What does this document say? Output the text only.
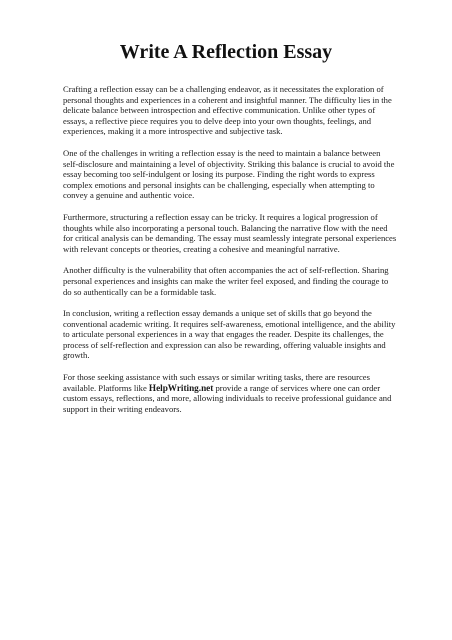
Write A Reflection Essay

Crafting a reflection essay can be a challenging endeavor, as it necessitates the exploration of personal thoughts and experiences in a coherent and insightful manner. The difficulty lies in the delicate balance between introspection and effective communication. Unlike other types of essays, a reflective piece requires you to delve deep into your own thoughts, feelings, and experiences, making it a more introspective and subjective task.

One of the challenges in writing a reflection essay is the need to maintain a balance between self-disclosure and maintaining a level of objectivity. Striking this balance is crucial to avoid the essay becoming too self-indulgent or losing its purpose. Finding the right words to express complex emotions and personal insights can be challenging, especially when attempting to convey a genuine and authentic voice.

Furthermore, structuring a reflection essay can be tricky. It requires a logical progression of thoughts while also incorporating a personal touch. Balancing the narrative flow with the need for critical analysis can be demanding. The essay must seamlessly integrate personal experiences with relevant concepts or theories, creating a cohesive and meaningful narrative.

Another difficulty is the vulnerability that often accompanies the act of self-reflection. Sharing personal experiences and insights can make the writer feel exposed, and finding the courage to do so authentically can be a formidable task.

In conclusion, writing a reflection essay demands a unique set of skills that go beyond the conventional academic writing. It requires self-awareness, emotional intelligence, and the ability to articulate personal experiences in a way that engages the reader. Despite its challenges, the process of self-reflection and expression can also be rewarding, offering valuable insights and growth.

For those seeking assistance with such essays or similar writing tasks, there are resources available. Platforms like HelpWriting.net provide a range of services where one can order custom essays, reflections, and more, allowing individuals to receive professional guidance and support in their writing endeavors.
